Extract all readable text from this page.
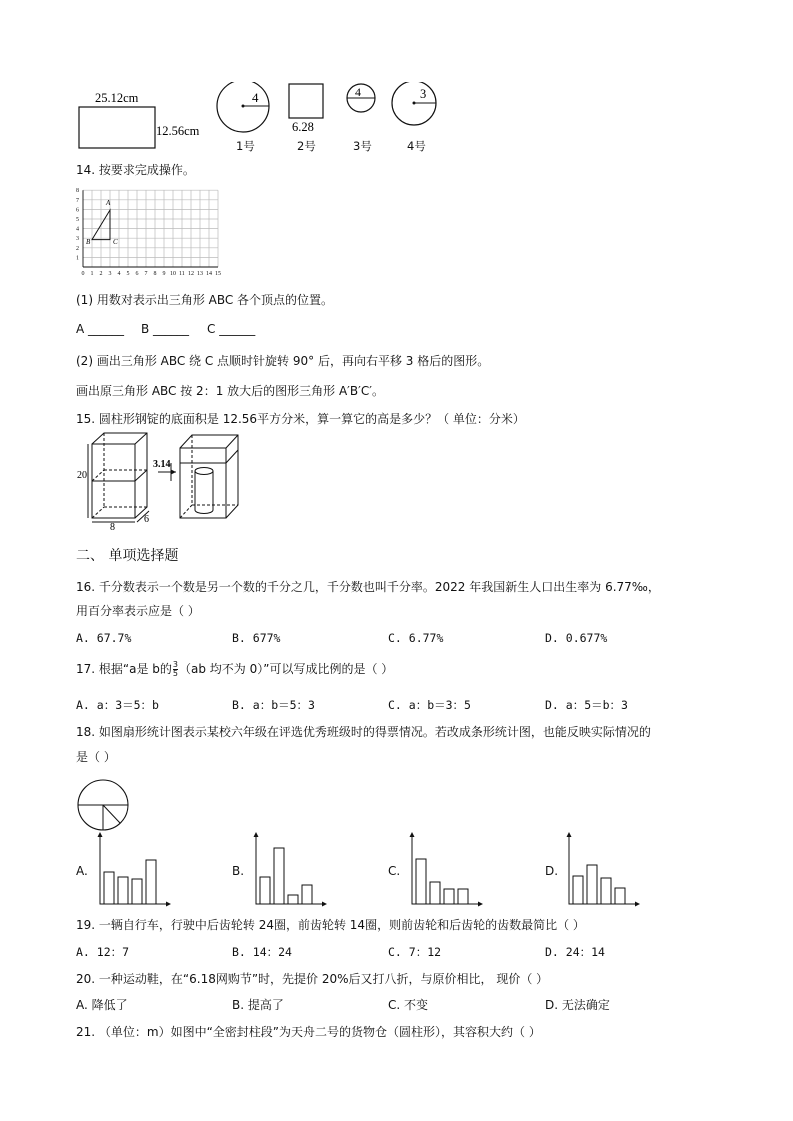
25.12cm
12.56cm
4
6.28
4	3
1号	2号	3号	4号
14. 按要求完成操作。
0 1 2 3 4 5 6 7 8 9 10 11 12 13 14 15
1
2
3
4
5
6
7
8
A
B	C
(1) 用数对表示出三角形 ABC 各个顶点的位置。
A ______ B ______ C ______
(2) 画出三角形 ABC 绕 C 点顺时针旋转 90° 后，再向右平移 3 格后的图形。
画出原三角形 ABC 按 2：1 放大后的图形三角形 A′B′C′。
15. 圆柱形钢锭的底面积是 12.56平方分米，算一算它的高是多少？（ 单位：分米）
20
8
6
3.14
二、 单项选择题
16. 千分数表示一个数是另一个数的千分之几，千分数也叫千分率。2022 年我国新生人口出生率为 6.77‰，
用百分率表示应是（ ）
A. 67.7%	B. 677%	C. 6.77%	D. 0.677%
17. 根据“a是 b的 $\frac{3}{5} (ab$ 均不为 0）”可以写成比例的是（ ）
A. a：3＝5：b	B. a：b＝5：3	C. a：b＝3：5	D. a：5＝b：3
18. 如图扇形统计图表示某校六年级在评选优秀班级时的得票情况。若改成条形统计图，也能反映实际情况的
是（ ）
A.	B.	C.	D.
19. 一辆自行车，行驶中后齿轮转 24圈，前齿轮转 14圈，则前齿轮和后齿轮的齿数最简比（ ）
A. 12：7	B. 14：24	C. 7：12	D. 24：14
20. 一种运动鞋，在“6.18网购节”时，先提价 20%后又打八折，与原价相比， 现价（ ）
A. 降低了	B. 提高了	C. 不变	D. 无法确定
21. （单位：m）如图中“全密封柱段”为天舟二号的货物仓（圆柱形），其容积大约（ ）
